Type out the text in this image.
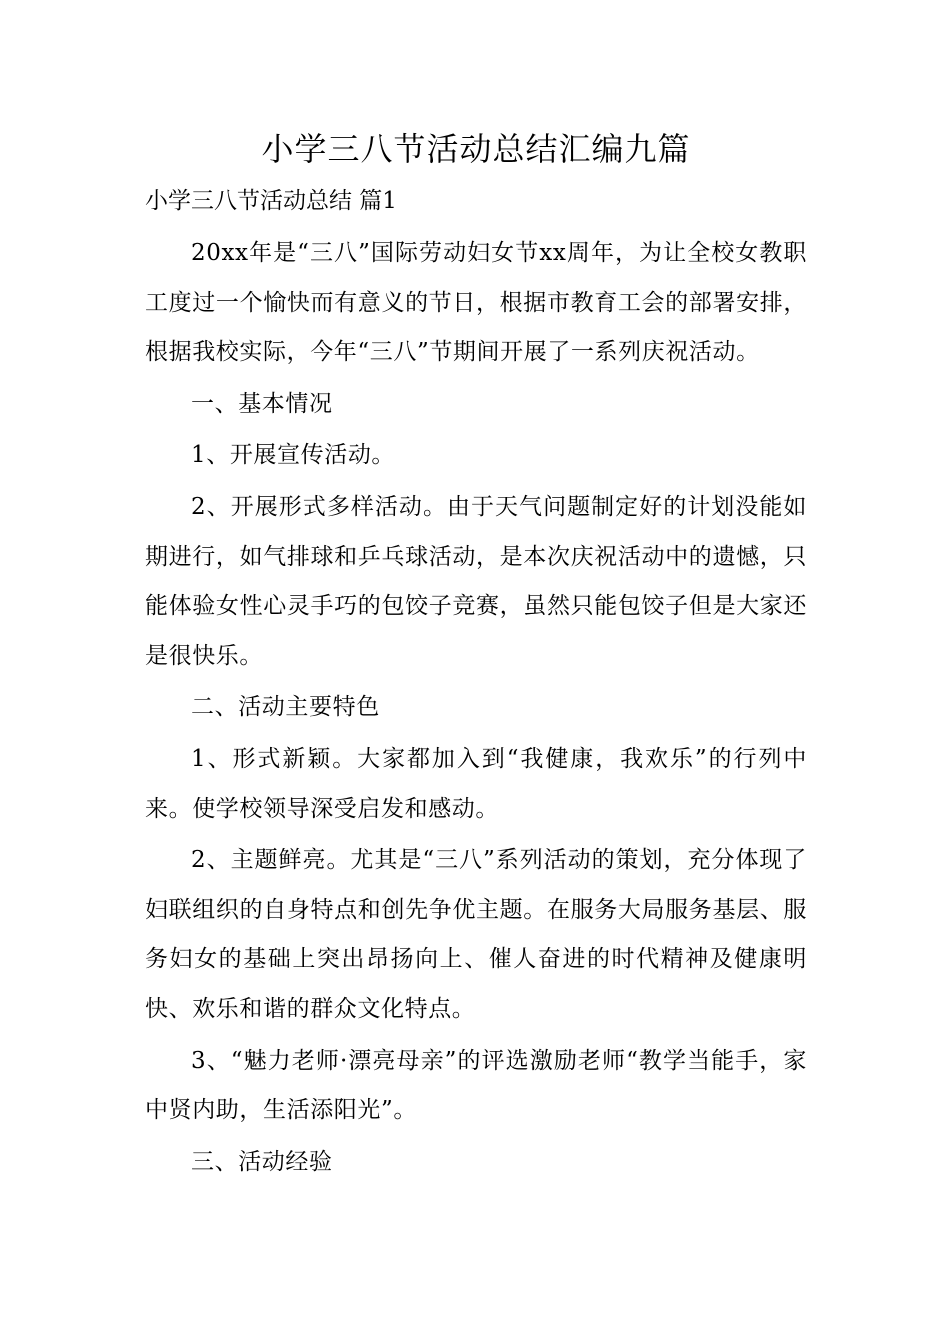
小学三八节活动总结汇编九篇

小学三八节活动总结 篇1

20xx年是“三八”国际劳动妇女节xx周年，为让全校女教职工度过一个愉快而有意义的节日，根据市教育工会的部署安排，根据我校实际，今年“三八”节期间开展了一系列庆祝活动。

一、基本情况

1、开展宣传活动。

2、开展形式多样活动。由于天气问题制定好的计划没能如期进行，如气排球和乒乓球活动，是本次庆祝活动中的遗憾，只能体验女性心灵手巧的包饺子竞赛，虽然只能包饺子但是大家还是很快乐。

二、活动主要特色

1、形式新颖。大家都加入到“我健康，我欢乐”的行列中来。使学校领导深受启发和感动。

2、主题鲜亮。尤其是“三八”系列活动的策划，充分体现了妇联组织的自身特点和创先争优主题。在服务大局服务基层、服务妇女的基础上突出昂扬向上、催人奋进的时代精神及健康明快、欢乐和谐的群众文化特点。

3、“魅力老师·漂亮母亲”的评选激励老师“教学当能手，家中贤内助，生活添阳光”。

三、活动经验
